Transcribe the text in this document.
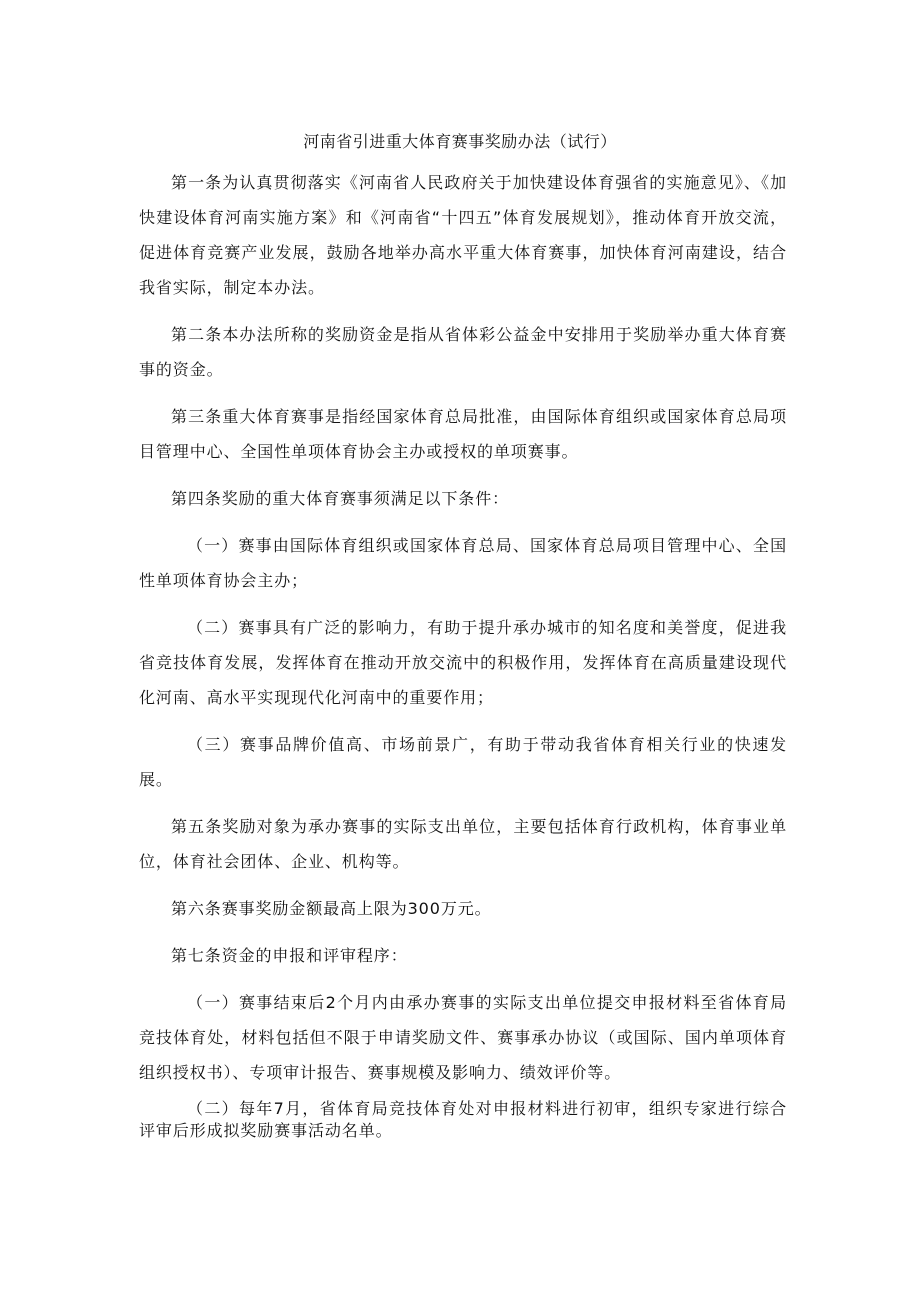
河南省引进重大体育赛事奖励办法（试行）

第一条为认真贯彻落实《河南省人民政府关于加快建设体育强省的实施意见》、《加快建设体育河南实施方案》和《河南省“十四五”体育发展规划》，推动体育开放交流，促进体育竞赛产业发展，鼓励各地举办高水平重大体育赛事，加快体育河南建设，结合我省实际，制定本办法。

第二条本办法所称的奖励资金是指从省体彩公益金中安排用于奖励举办重大体育赛事的资金。

第三条重大体育赛事是指经国家体育总局批准，由国际体育组织或国家体育总局项目管理中心、全国性单项体育协会主办或授权的单项赛事。

第四条奖励的重大体育赛事须满足以下条件：

（一）赛事由国际体育组织或国家体育总局、国家体育总局项目管理中心、全国性单项体育协会主办；

（二）赛事具有广泛的影响力，有助于提升承办城市的知名度和美誉度，促进我省竞技体育发展，发挥体育在推动开放交流中的积极作用，发挥体育在高质量建设现代化河南、高水平实现现代化河南中的重要作用；

（三）赛事品牌价值高、市场前景广，有助于带动我省体育相关行业的快速发展。

第五条奖励对象为承办赛事的实际支出单位，主要包括体育行政机构，体育事业单位，体育社会团体、企业、机构等。

第六条赛事奖励金额最高上限为300万元。

第七条资金的申报和评审程序：

（一）赛事结束后2个月内由承办赛事的实际支出单位提交申报材料至省体育局竞技体育处，材料包括但不限于申请奖励文件、赛事承办协议（或国际、国内单项体育组织授权书）、专项审计报告、赛事规模及影响力、绩效评价等。

（二）每年7月，省体育局竞技体育处对申报材料进行初审，组织专家进行综合评审后形成拟奖励赛事活动名单。
